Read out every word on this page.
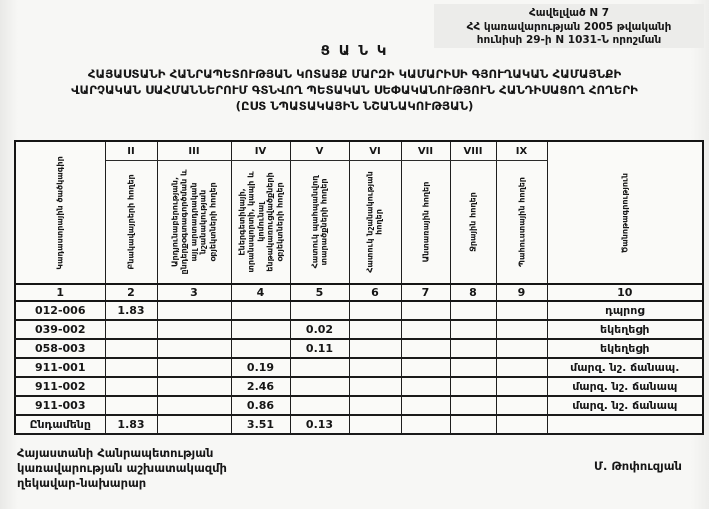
Հավելված N 7
ՀՀ կառավարության 2005 թվականի
հունիսի 29-ի N 1031-Ն որոշման
Ց Ա Ն Կ
ՀԱՅԱՍՏԱՆԻ ՀԱՆՐԱՊԵՏՈՒԹՅԱՆ ԿՈՏԱՅՔ ՄԱՐԶԻ ԿԱՄԱՐԻՍԻ ԳՅՈՒՂԱԿԱՆ ՀԱՄԱՅՆՔԻ
ՎԱՐՉԱԿԱՆ ՍԱՀՄԱՆՆԵՐՈՒՄ ԳՏՆՎՈՂ ՊԵՏԱԿԱՆ ՍԵՓԱԿԱՆՈՒԹՅՈՒՆ ՀԱՆԴԻՍԱՑՈՂ ՀՈՂԵՐԻ
(ԸՍՏ ՆՊԱՏԱԿԱՅԻՆ ՆՇԱՆԱԿՈՒԹՅԱՆ)
Կադաստրային ծածկագիր	II	III	IV	V	VI	VII	VIII	IX	Ծանոթագրություն

	Բնակավայրերի հողեր	Արդյունաբերության, ընդերքօգտագործման և այլ արտադրական նշանակության օբյեկտների հողեր	Էներգետիկայի, տրանսպորտի, կապի և կոմունալ ենթակառուցվածքների օբյեկտների հողեր	Հատուկ պահպանվող տարածքների հողեր	Հատուկ նշանակության հողեր	Անտառային հողեր	Ջրային հողեր	Պահուստային հողեր	

1	2	3	4	5	6	7	8	9	10
012-006	1.83								դպրոց
039-002				0.02					եկեղեցի
058-003				0.11					եկեղեցի
911-001			0.19						մարզ. նշ. ճանապ.
911-002			2.46						մարզ. նշ. ճանապ
911-003			0.86						մարզ. նշ. ճանապ
Ընդամենը	1.83		3.51	0.13					
Հայաստանի Հանրապետության
կառավարության աշխատակազմի
ղեկավար-նախարար
Մ. Թոփուզյան
